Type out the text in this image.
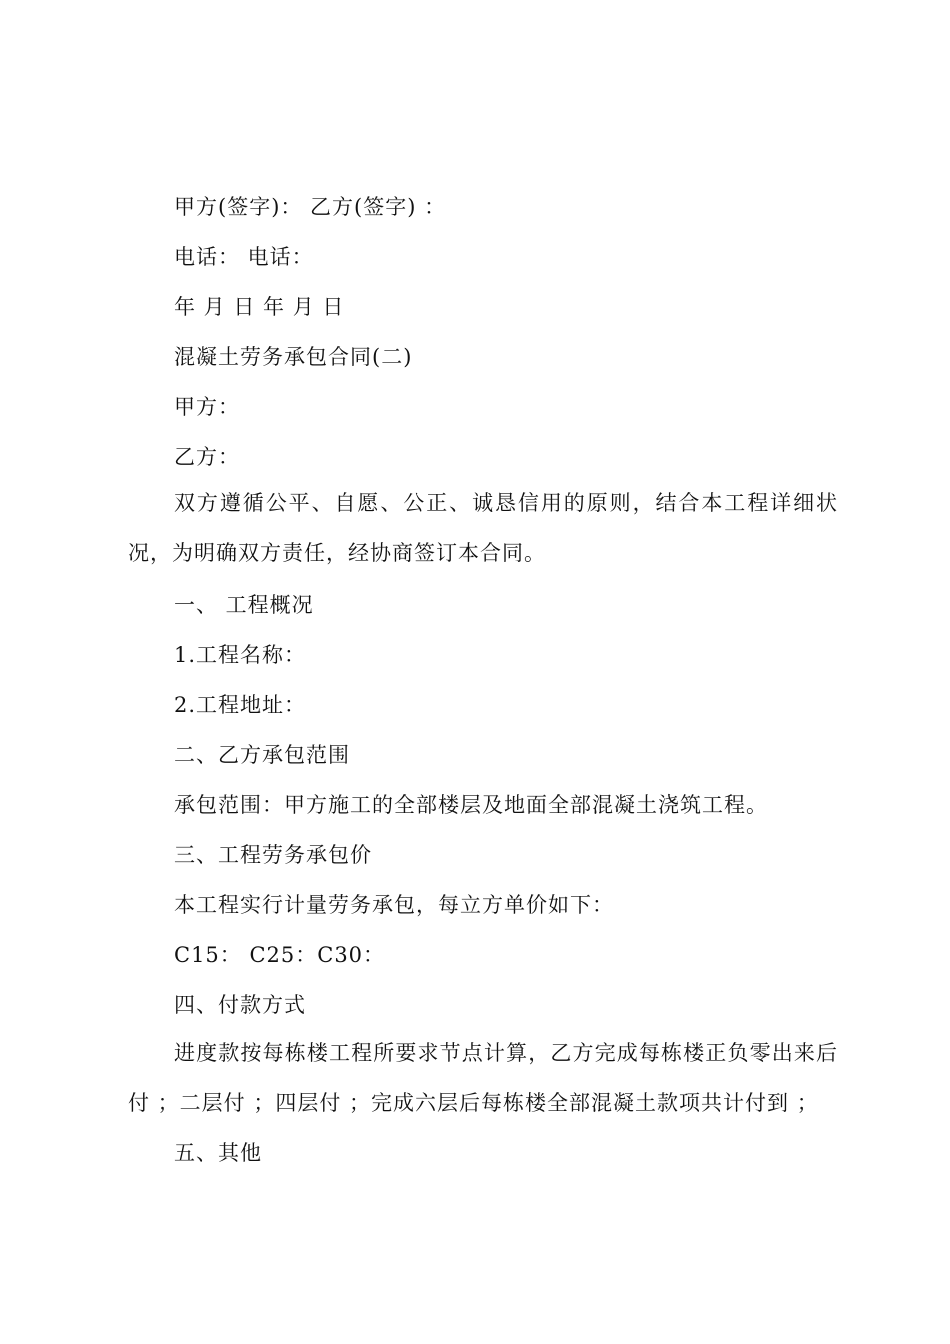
甲方(签字)： 乙方(签字) ：
电话： 电话：
年 月 日 年 月 日
混凝土劳务承包合同(二)
甲方：
乙方：

双方遵循公平、自愿、公正、诚恳信用的原则，结合本工程详细状况，为明确双方责任，经协商签订本合同。

一、 工程概况
1.工程名称：
2.工程地址：
二、乙方承包范围
承包范围：甲方施工的全部楼层及地面全部混凝土浇筑工程。
三、工程劳务承包价
本工程实行计量劳务承包，每立方单价如下：
C15： C25：C30：
四、付款方式

进度款按每栋楼工程所要求节点计算，乙方完成每栋楼正负零出来后付 ；二层付 ；四层付 ；完成六层后每栋楼全部混凝土款项共计付到 ；

五、其他
